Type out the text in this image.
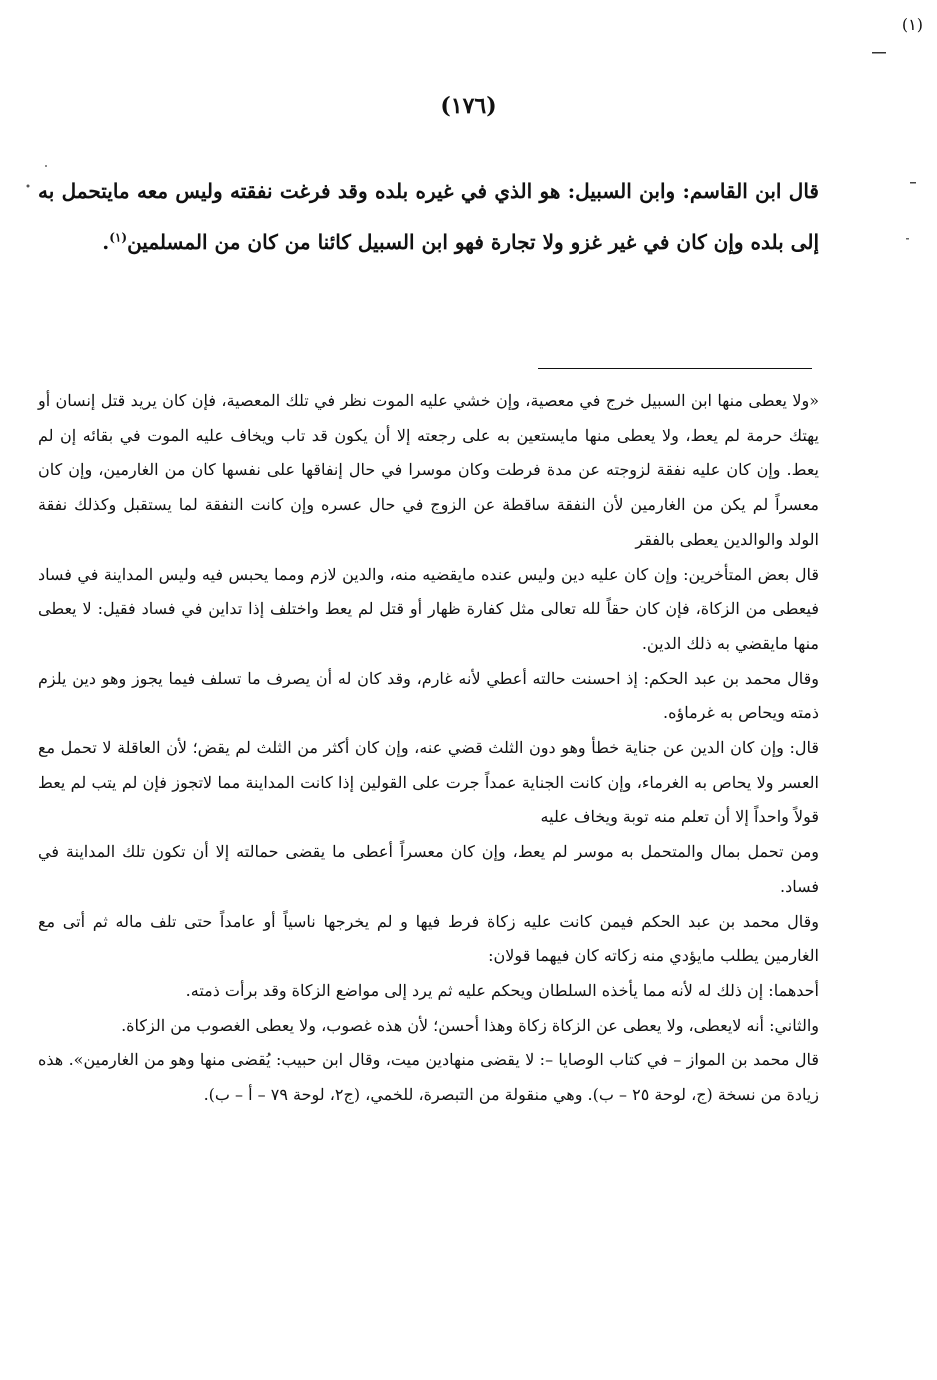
(١٧٦)
قال ابن القاسم: وابن السبيل: هو الذي في غيره بلده وقد فرغت نفقته وليس معه مايتحمل به إلى بلده وإن كان في غير غزو ولا تجارة فهو ابن السبيل كائنا من كان من المسلمين$^{(١)}$.
(١)

«ولا يعطى منها ابن السبيل خرج في معصية، وإن خشي عليه الموت نظر في تلك المعصية، فإن كان يريد قتل إنسان أو يهتك حرمة لم يعط، ولا يعطى منها مايستعين به على رجعته إلا أن يكون قد تاب ويخاف عليه الموت في بقائه إن لم يعط. وإن كان عليه نفقة لزوجته عن مدة فرطت وكان موسرا في حال إنفاقها على نفسها كان من الغارمين، وإن كان معسراً لم يكن من الغارمين لأن النفقة ساقطة عن الزوج في حال عسره وإن كانت النفقة لما يستقبل وكذلك نفقة الولد والوالدين يعطى بالفقر

قال بعض المتأخرين: وإن كان عليه دين وليس عنده مايقضيه منه، والدين لازم ومما يحبس فيه وليس المداينة في فساد فيعطى من الزكاة، فإن كان حقاً لله تعالى مثل كفارة ظهار أو قتل لم يعط واختلف إذا تداين في فساد فقيل: لا يعطى منها مايقضي به ذلك الدين.

وقال محمد بن عبد الحكم: إذ احسنت حالته أعطي لأنه غارم، وقد كان له أن يصرف ما تسلف فيما يجوز وهو دين يلزم ذمته ويحاص به غرماؤه.

قال: وإن كان الدين عن جناية خطأ وهو دون الثلث قضي عنه، وإن كان أكثر من الثلث لم يقض؛ لأن العاقلة لا تحمل مع العسر ولا يحاص به الغرماء، وإن كانت الجناية عمداً جرت على القولين إذا كانت المداينة مما لاتجوز فإن لم يتب لم يعط قولاً واحداً إلا أن تعلم منه توبة ويخاف عليه

ومن تحمل بمال والمتحمل به موسر لم يعط، وإن كان معسراً أعطى ما يقضى حمالته إلا أن تكون تلك المداينة في فساد.

وقال محمد بن عبد الحكم فيمن كانت عليه زكاة فرط فيها و لم يخرجها ناسياً أو عامداً حتى تلف ماله ثم أتى مع الغارمين يطلب مايؤدي منه زكاته كان فيهما قولان:

أحدهما: إن ذلك له لأنه مما يأخذه السلطان ويحكم عليه ثم يرد إلى مواضع الزكاة وقد برأت ذمته.

والثاني: أنه لايعطى، ولا يعطى عن الزكاة زكاة وهذا أحسن؛ لأن هذه غصوب، ولا يعطى الغصوب من الزكاة.

قال محمد بن المواز – في كتاب الوصايا –: لا يقضى منهادين ميت، وقال ابن حبيب: يُقضى منها وهو من الغارمين». هذه زيادة من نسخة (ج، لوحة ٢٥ – ب). وهي منقولة من التبصرة، للخمي، (ج٢، لوحة ٧٩ – أ – ب).
